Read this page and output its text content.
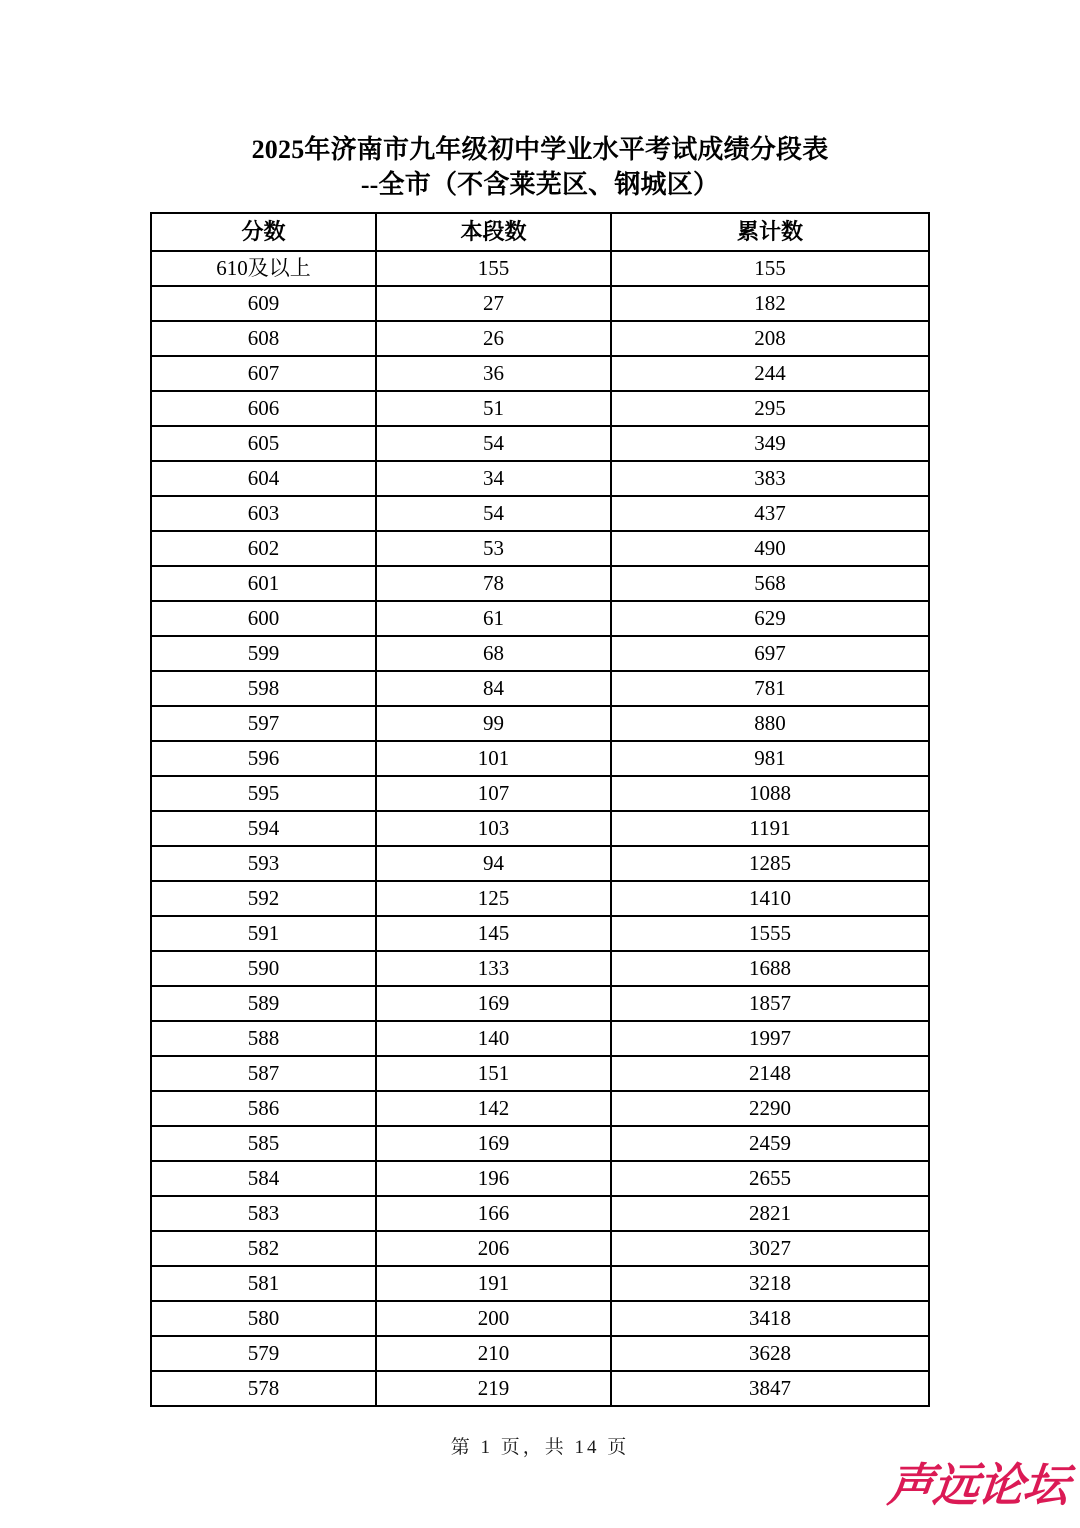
2025年济南市九年级初中学业水平考试成绩分段表
--全市（不含莱芜区、钢城区）
分数	本段数	累计数
610及以上	155	155
609	27	182
608	26	208
607	36	244
606	51	295
605	54	349
604	34	383
603	54	437
602	53	490
601	78	568
600	61	629
599	68	697
598	84	781
597	99	880
596	101	981
595	107	1088
594	103	1191
593	94	1285
592	125	1410
591	145	1555
590	133	1688
589	169	1857
588	140	1997
587	151	2148
586	142	2290
585	169	2459
584	196	2655
583	166	2821
582	206	3027
581	191	3218
580	200	3418
579	210	3628
578	219	3847
第 1 页，共 14 页
声远论坛
